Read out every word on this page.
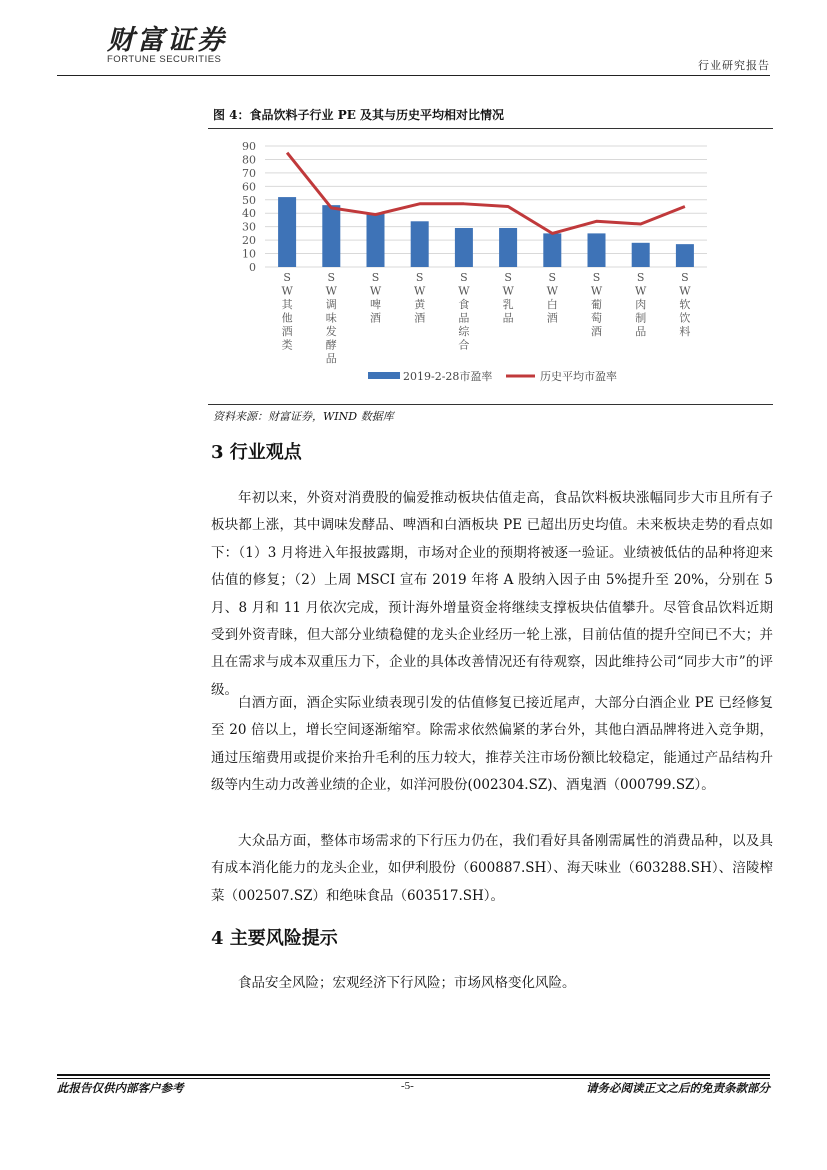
财富证券
FORTUNE SECURITIES	行业研究报告
图 4：食品饮料子行业 PE 及其与历史平均相对比情况
0
10
20
30
40
50
60
70
80
90
S W 其他酒类
S W 调味发酵品
S W 啤酒
S W 黄酒
S W 食品综合
S W 乳品
S W 白酒
S W 葡萄酒
S W 肉制品
S W 软饮料
2019-2-28市盈率	历史平均市盈率
资料来源：财富证券，WIND 数据库
3 行业观点
年初以来，外资对消费股的偏爱推动板块估值走高，食品饮料板块涨幅同步大市且所有子板块都上涨，其中调味发酵品、啤酒和白酒板块 PE 已超出历史均值。未来板块走势的看点如下：（1）3 月将进入年报披露期，市场对企业的预期将被逐一验证。业绩被低估的品种将迎来估值的修复；（2）上周 MSCI 宣布 2019 年将 A 股纳入因子由 5%提升至 20%，分别在 5 月、8 月和 11 月依次完成，预计海外增量资金将继续支撑板块估值攀升。尽管食品饮料近期受到外资青睐，但大部分业绩稳健的龙头企业经历一轮上涨，目前估值的提升空间已不大；并且在需求与成本双重压力下，企业的具体改善情况还有待观察，因此维持公司“同步大市”的评级。
白酒方面，酒企实际业绩表现引发的估值修复已接近尾声，大部分白酒企业 PE 已经修复至 20 倍以上，增长空间逐渐缩窄。除需求依然偏紧的茅台外，其他白酒品牌将进入竞争期，通过压缩费用或提价来抬升毛利的压力较大，推荐关注市场份额比较稳定，能通过产品结构升级等内生动力改善业绩的企业，如洋河股份(002304.SZ)、酒鬼酒（000799.SZ）。
大众品方面，整体市场需求的下行压力仍在，我们看好具备刚需属性的消费品种，以及具有成本消化能力的龙头企业，如伊利股份（600887.SH）、海天味业（603288.SH）、涪陵榨菜（002507.SZ）和绝味食品（603517.SH）。
4 主要风险提示
食品安全风险；宏观经济下行风险；市场风格变化风险。
此报告仅供内部客户参考	-5-	请务必阅读正文之后的免责条款部分
